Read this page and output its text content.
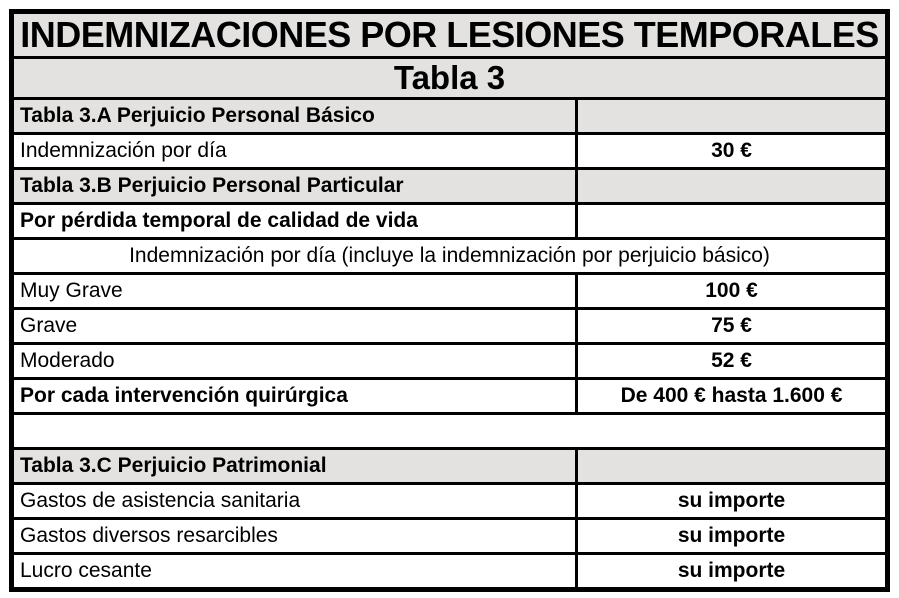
INDEMNIZACIONES POR LESIONES TEMPORALES	
Tabla 3	
Tabla 3.A Perjuicio Personal Básico	
Indemnización por día	30 €
Tabla 3.B Perjuicio Personal Particular	
Por pérdida temporal de calidad de vida	
Indemnización por día (incluye la indemnización por perjuicio básico)	
Muy Grave	100 €
Grave	75 €
Moderado	52 €
Por cada intervención quirúrgica	De 400 € hasta 1.600 €

Tabla 3.C Perjuicio Patrimonial	
Gastos de asistencia sanitaria	su importe
Gastos diversos resarcibles	su importe
Lucro cesante	su importe
